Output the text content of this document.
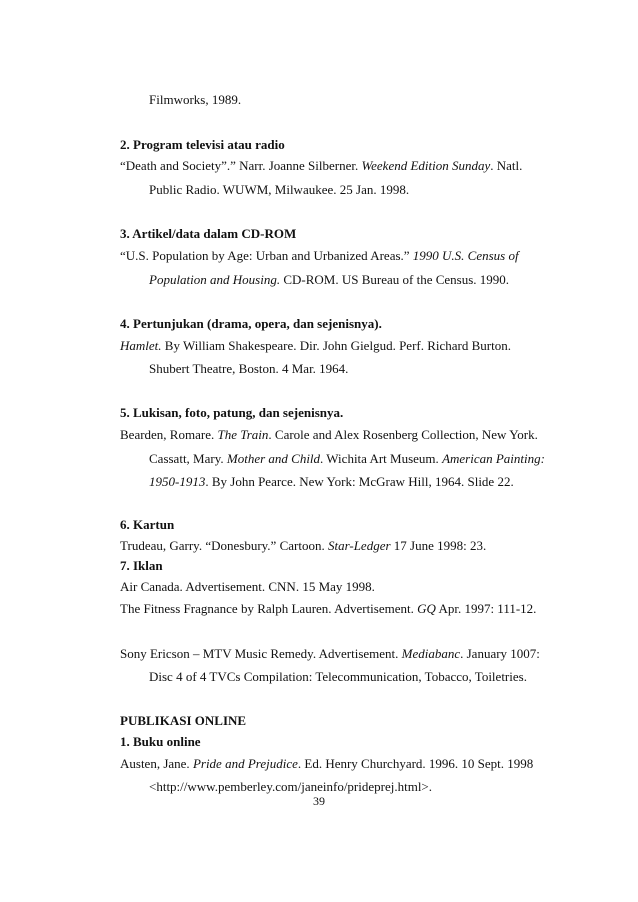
Filmworks, 1989.
2. Program televisi atau radio
“Death and Society”.” Narr. Joanne Silberner. Weekend Edition Sunday. Natl.
Public Radio. WUWM, Milwaukee. 25 Jan. 1998.
3. Artikel/data dalam CD-ROM
“U.S. Population by Age: Urban and Urbanized Areas.” 1990 U.S. Census of
Population and Housing. CD-ROM. US Bureau of the Census. 1990.
4. Pertunjukan (drama, opera, dan sejenisnya).
Hamlet. By William Shakespeare. Dir. John Gielgud. Perf. Richard Burton.
Shubert Theatre, Boston. 4 Mar. 1964.
5. Lukisan, foto, patung, dan sejenisnya.
Bearden, Romare. The Train. Carole and Alex Rosenberg Collection, New York.
Cassatt, Mary. Mother and Child. Wichita Art Museum. American Painting:
1950-1913. By John Pearce. New York: McGraw Hill, 1964. Slide 22.
6. Kartun
Trudeau, Garry. “Donesbury.” Cartoon. Star-Ledger 17 June 1998: 23.
7. Iklan
Air Canada. Advertisement. CNN. 15 May 1998.
The Fitness Fragnance by Ralph Lauren. Advertisement. GQ Apr. 1997: 111-12.
Sony Ericson – MTV Music Remedy. Advertisement. Mediabanc. January 1007:
Disc 4 of 4 TVCs Compilation: Telecommunication, Tobacco, Toiletries.
PUBLIKASI ONLINE
1. Buku online
Austen, Jane. Pride and Prejudice. Ed. Henry Churchyard. 1996. 10 Sept. 1998
<http://www.pemberley.com/janeinfo/prideprej.html>.
39
